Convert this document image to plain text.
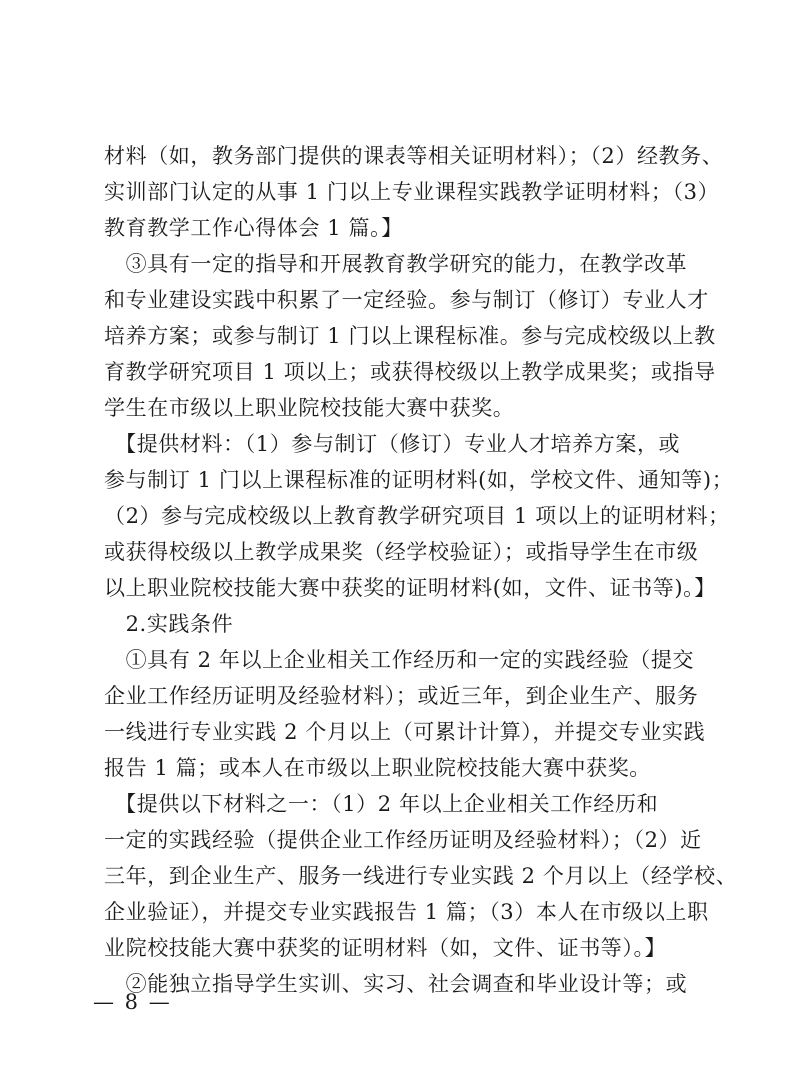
材料（如，教务部门提供的课表等相关证明材料）；（2）经教务、
实训部门认定的从事 1 门以上专业课程实践教学证明材料；（3）
教育教学工作心得体会 1 篇。】
　③具有一定的指导和开展教育教学研究的能力，在教学改革
和专业建设实践中积累了一定经验。参与制订（修订）专业人才
培养方案；或参与制订 1 门以上课程标准。参与完成校级以上教
育教学研究项目 1 项以上；或获得校级以上教学成果奖；或指导
学生在市级以上职业院校技能大赛中获奖。
　【提供材料：（1）参与制订（修订）专业人才培养方案，或
参与制订 1 门以上课程标准的证明材料(如，学校文件、通知等)；
（2）参与完成校级以上教育教学研究项目 1 项以上的证明材料；
或获得校级以上教学成果奖（经学校验证）；或指导学生在市级
以上职业院校技能大赛中获奖的证明材料(如，文件、证书等)。】
　2.实践条件
　①具有 2 年以上企业相关工作经历和一定的实践经验（提交
企业工作经历证明及经验材料）；或近三年，到企业生产、服务
一线进行专业实践 2 个月以上（可累计计算），并提交专业实践
报告 1 篇；或本人在市级以上职业院校技能大赛中获奖。
　【提供以下材料之一：（1）2 年以上企业相关工作经历和
一定的实践经验（提供企业工作经历证明及经验材料）；（2）近
三年，到企业生产、服务一线进行专业实践 2 个月以上（经学校、
企业验证），并提交专业实践报告 1 篇；（3）本人在市级以上职
业院校技能大赛中获奖的证明材料（如，文件、证书等）。】
　②能独立指导学生实训、实习、社会调查和毕业设计等；或
— 8 —
